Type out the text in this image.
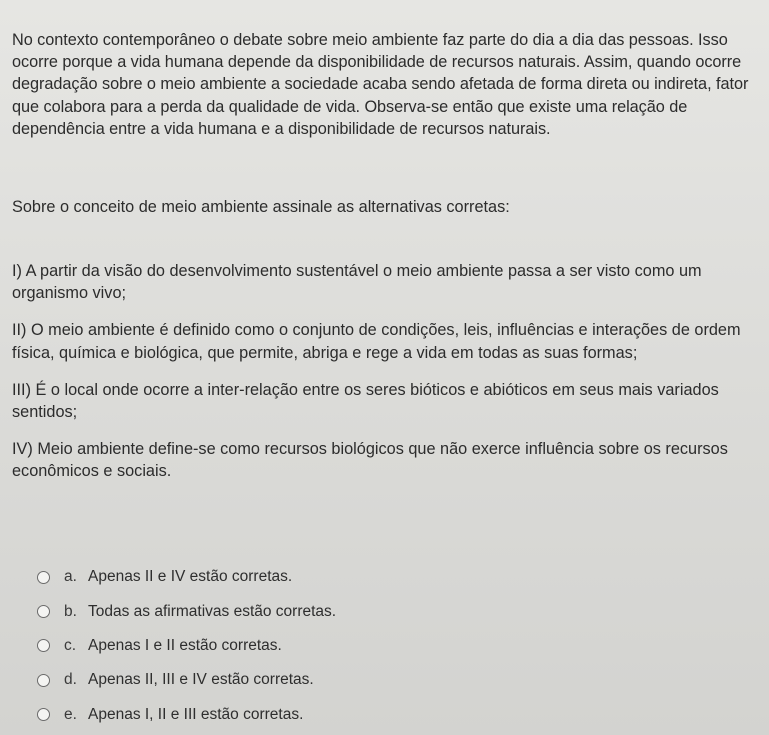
No contexto contemporâneo o debate sobre meio ambiente faz parte do dia a dia das pessoas. Isso
ocorre porque a vida humana depende da disponibilidade de recursos naturais. Assim, quando ocorre
degradação sobre o meio ambiente a sociedade acaba sendo afetada de forma direta ou indireta, fator
que colabora para a perda da qualidade de vida. Observa-se então que existe uma relação de
dependência entre a vida humana e a disponibilidade de recursos naturais.

Sobre o conceito de meio ambiente assinale as alternativas corretas:

I) A partir da visão do desenvolvimento sustentável o meio ambiente passa a ser visto como um
organismo vivo;
II) O meio ambiente é definido como o conjunto de condições, leis, influências e interações de ordem
física, química e biológica, que permite, abriga e rege a vida em todas as suas formas;
III) É o local onde ocorre a inter-relação entre os seres bióticos e abióticos em seus mais variados
sentidos;
IV) Meio ambiente define-se como recursos biológicos que não exerce influência sobre os recursos
econômicos e sociais.
a. Apenas II e IV estão corretas.
b. Todas as afirmativas estão corretas.
c. Apenas I e II estão corretas.
d. Apenas II, III e IV estão corretas.
e. Apenas I, II e III estão corretas.
